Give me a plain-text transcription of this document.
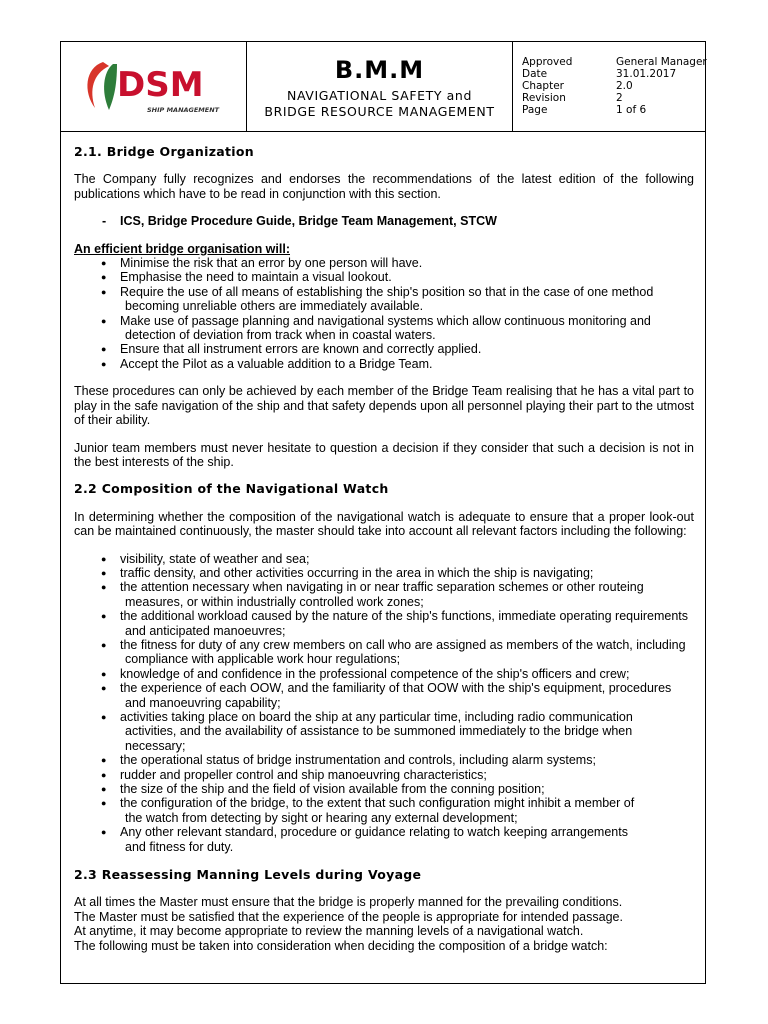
DSM
SHIP MANAGEMENT
B.M.M
NAVIGATIONAL SAFETY and
BRIDGE RESOURCE MANAGEMENT
Approved	General Manager
Date	31.01.2017
Chapter	2.0
Revision	2
Page	1 of 6
2.1. Bridge Organization

The Company fully recognizes and endorses the recommendations of the latest edition of the following publications which have to be read in conjunction with this section.

- ICS, Bridge Procedure Guide, Bridge Team Management, STCW

An efficient bridge organisation will:

● Minimise the risk that an error by one person will have.
● Emphasise the need to maintain a visual lookout.
● Require the use of all means of establishing the ship's position so that in the case of one method
becoming unreliable others are immediately available.
● Make use of passage planning and navigational systems which allow continuous monitoring and
detection of deviation from track when in coastal waters.
● Ensure that all instrument errors are known and correctly applied.
● Accept the Pilot as a valuable addition to a Bridge Team.

These procedures can only be achieved by each member of the Bridge Team realising that he has a vital part to play in the safe navigation of the ship and that safety depends upon all personnel playing their part to the utmost of their ability.

Junior team members must never hesitate to question a decision if they consider that such a decision is not in the best interests of the ship.

2.2 Composition of the Navigational Watch

In determining whether the composition of the navigational watch is adequate to ensure that a proper look-out can be maintained continuously, the master should take into account all relevant factors including the following:

● visibility, state of weather and sea;
● traffic density, and other activities occurring in the area in which the ship is navigating;
● the attention necessary when navigating in or near traffic separation schemes or other routeing
measures, or within industrially controlled work zones;
● the additional workload caused by the nature of the ship's functions, immediate operating requirements
and anticipated manoeuvres;
● the fitness for duty of any crew members on call who are assigned as members of the watch, including
compliance with applicable work hour regulations;
● knowledge of and confidence in the professional competence of the ship's officers and crew;
● the experience of each OOW, and the familiarity of that OOW with the ship's equipment, procedures
and manoeuvring capability;
● activities taking place on board the ship at any particular time, including radio communication
activities, and the availability of assistance to be summoned immediately to the bridge when
necessary;
● the operational status of bridge instrumentation and controls, including alarm systems;
● rudder and propeller control and ship manoeuvring characteristics;
● the size of the ship and the field of vision available from the conning position;
● the configuration of the bridge, to the extent that such configuration might inhibit a member of
the watch from detecting by sight or hearing any external development;
● Any other relevant standard, procedure or guidance relating to watch keeping arrangements
and fitness for duty.
2.3 Reassessing Manning Levels during Voyage

At all times the Master must ensure that the bridge is properly manned for the prevailing conditions.

The Master must be satisfied that the experience of the people is appropriate for intended passage.

At anytime, it may become appropriate to review the manning levels of a navigational watch.

The following must be taken into consideration when deciding the composition of a bridge watch:
